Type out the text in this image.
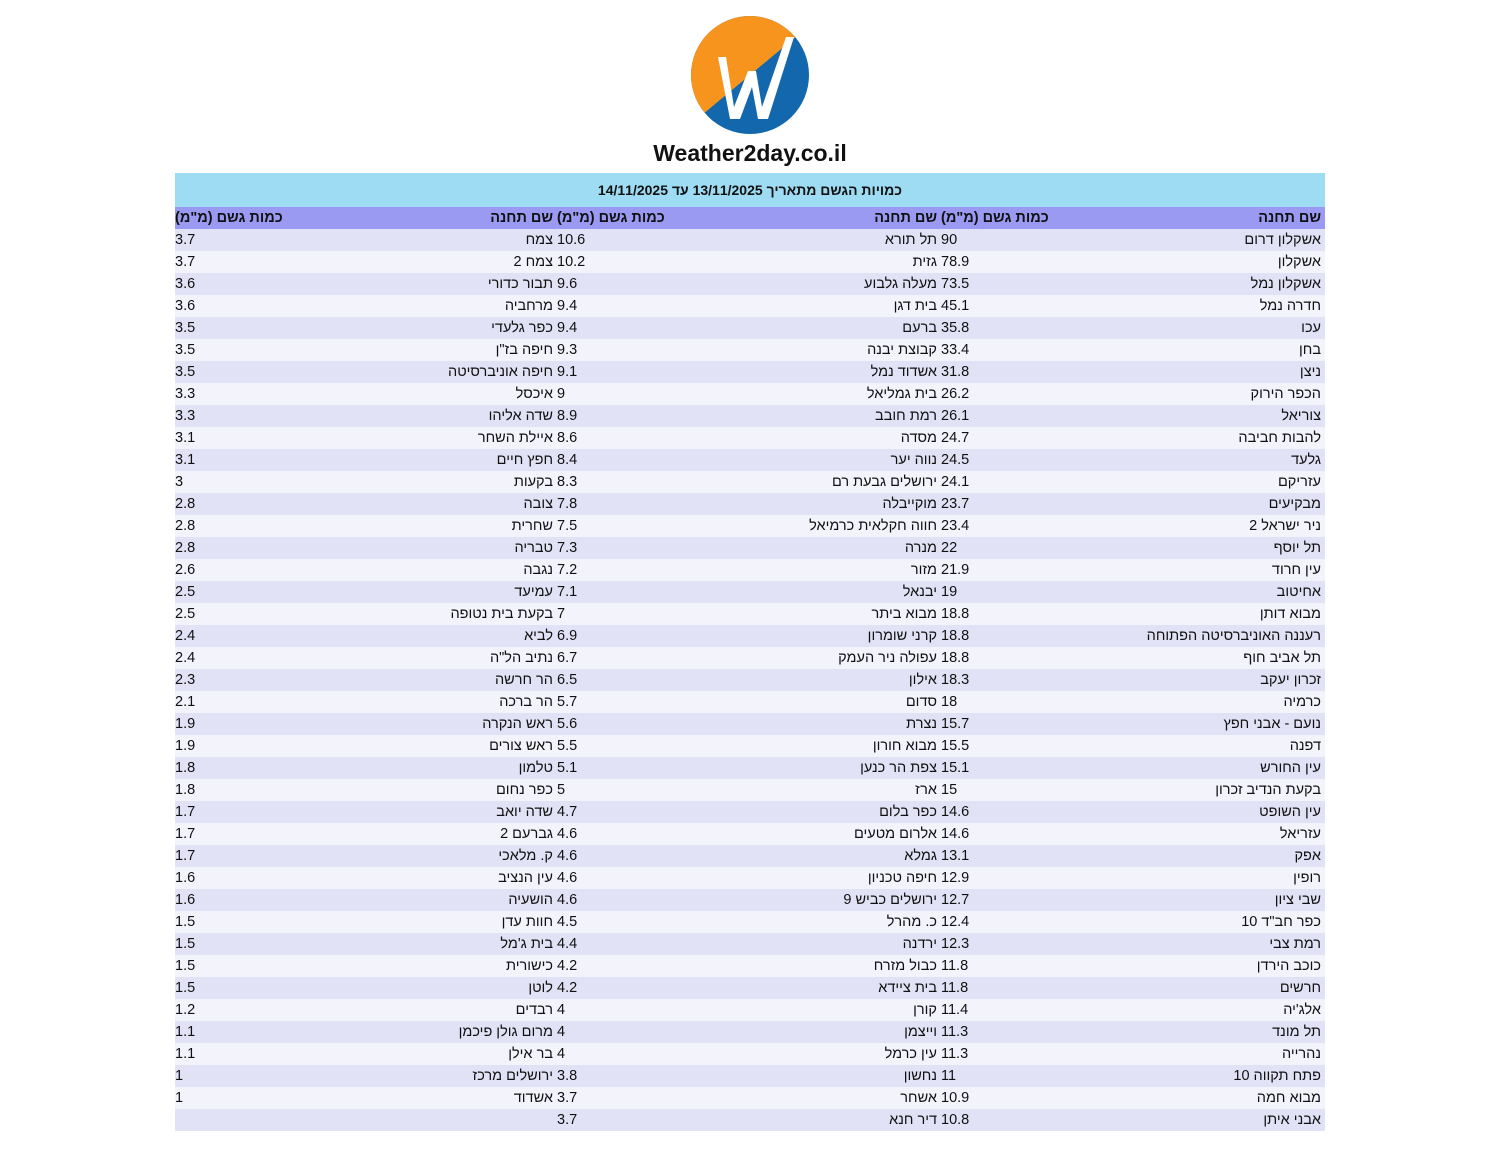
Weather2day.co.il
כמויות הגשם מתאריך 13/11/2025 עד 14/11/2025
שם תחנה
כמות גשם (מ"מ)
שם תחנה
כמות גשם (מ"מ)
שם תחנה
כמות גשם (מ"מ)
אשקלון דרום
90
תל תורא
10.6
צמח
3.7
אשקלון
78.9
גזית
10.2
צמח 2
3.7
אשקלון נמל
73.5
מעלה גלבוע
9.6
תבור כדורי
3.6
חדרה נמל
45.1
בית דגן
9.4
מרחביה
3.6
עכו
35.8
ברעם
9.4
כפר גלעדי
3.5
בחן
33.4
קבוצת יבנה
9.3
חיפה בז"ן
3.5
ניצן
31.8
אשדוד נמל
9.1
חיפה אוניברסיטה
3.5
הכפר הירוק
26.2
בית גמליאל
9
איכסל
3.3
צוריאל
26.1
רמת חובב
8.9
שדה אליהו
3.3
להבות חביבה
24.7
מסדה
8.6
איילת השחר
3.1
גלעד
24.5
נווה יער
8.4
חפץ חיים
3.1
עזריקם
24.1
ירושלים גבעת רם
8.3
בקעות
3
מבקיעים
23.7
מוקייבלה
7.8
צובה
2.8
ניר ישראל 2
23.4
חווה חקלאית כרמיאל
7.5
שחרית
2.8
תל יוסף
22
מנרה
7.3
טבריה
2.8
עין חרוד
21.9
מזור
7.2
נגבה
2.6
אחיטוב
19
יבנאל
7.1
עמיעד
2.5
מבוא דותן
18.8
מבוא ביתר
7
בקעת בית נטופה
2.5
רעננה האוניברסיטה הפתוחה
18.8
קרני שומרון
6.9
לביא
2.4
תל אביב חוף
18.8
עפולה ניר העמק
6.7
נתיב הל"ה
2.4
זכרון יעקב
18.3
אילון
6.5
הר חרשה
2.3
כרמיה
18
סדום
5.7
הר ברכה
2.1
נועם - אבני חפץ
15.7
נצרת
5.6
ראש הנקרה
1.9
דפנה
15.5
מבוא חורון
5.5
ראש צורים
1.9
עין החורש
15.1
צפת הר כנען
5.1
טלמון
1.8
בקעת הנדיב זכרון
15
ארז
5
כפר נחום
1.8
עין השופט
14.6
כפר בלום
4.7
שדה יואב
1.7
עזריאל
14.6
אלרום מטעים
4.6
גברעם 2
1.7
אפק
13.1
גמלא
4.6
ק. מלאכי
1.7
רופין
12.9
חיפה טכניון
4.6
עין הנציב
1.6
שבי ציון
12.7
ירושלים כביש 9
4.6
הושעיה
1.6
כפר חב"ד 10
12.4
כ. מהרל
4.5
חוות עדן
1.5
רמת צבי
12.3
ירדנה
4.4
בית ג'מל
1.5
כוכב הירדן
11.8
כבול מזרח
4.2
כישורית
1.5
חרשים
11.8
בית ציידא
4.2
לוטן
1.5
אלג'יה
11.4
קורן
4
רבדים
1.2
תל מונד
11.3
וייצמן
4
מרום גולן פיכמן
1.1
נהרייה
11.3
עין כרמל
4
בר אילן
1.1
פתח תקווה 10
11
נחשון
3.8
ירושלים מרכז
1
מבוא חמה
10.9
אשחר
3.7
אשדוד
1
אבני איתן
10.8
דיר חנא
3.7
